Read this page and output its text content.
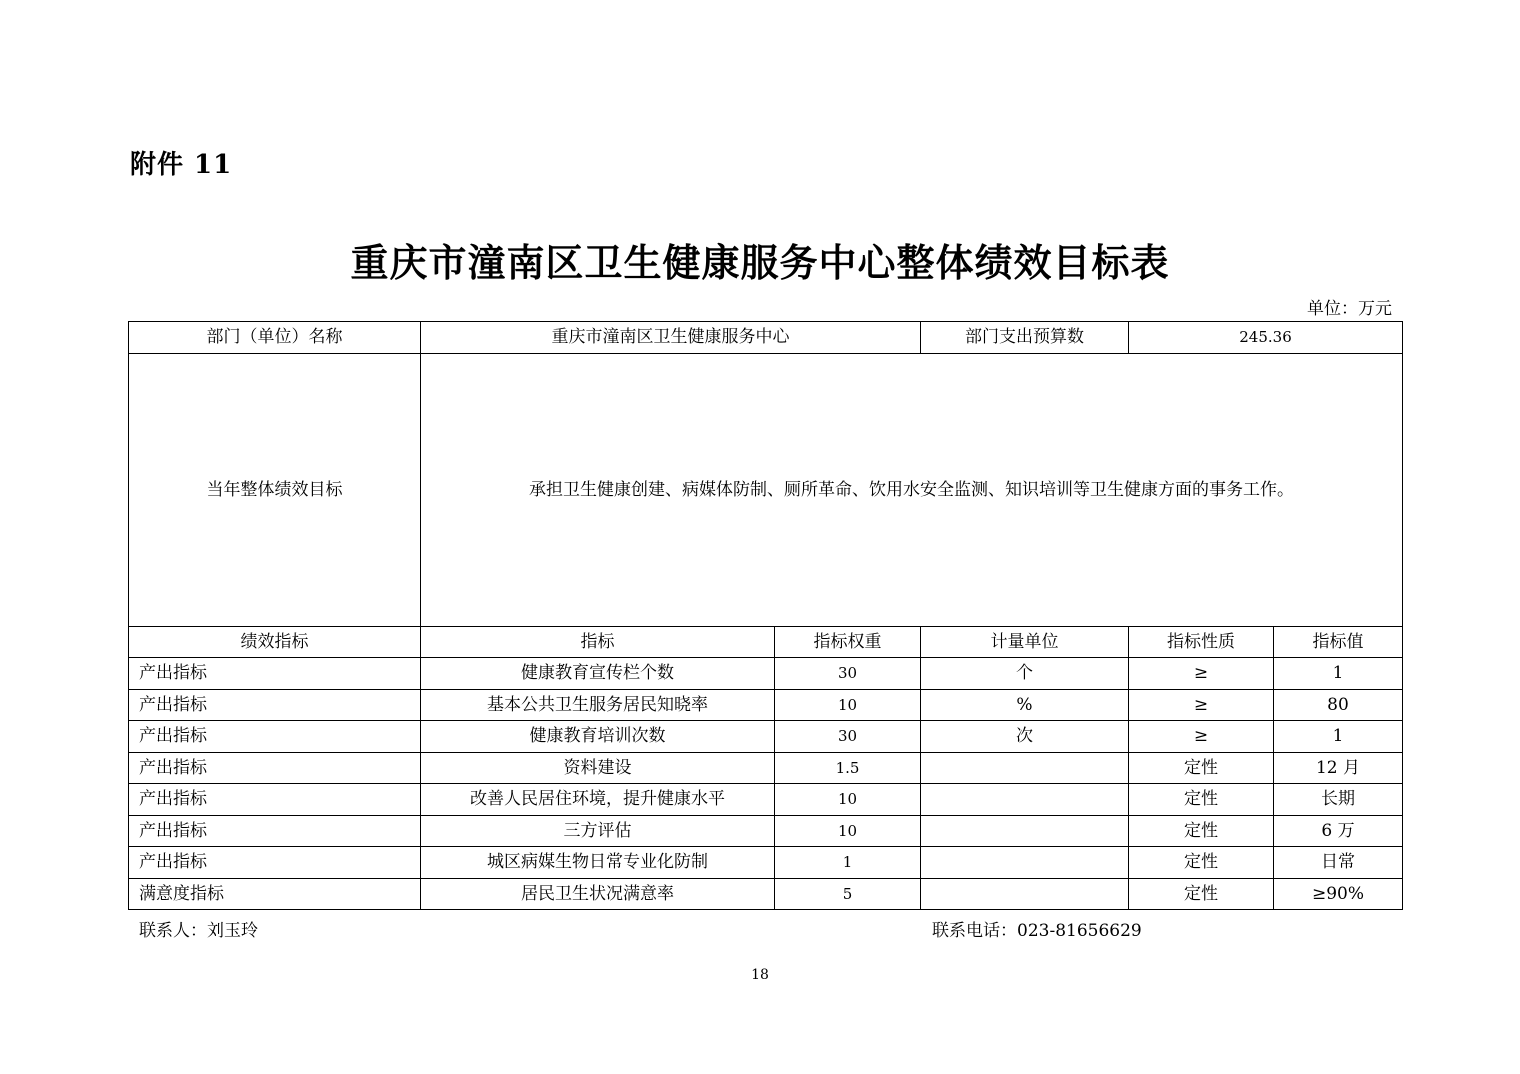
附件 11
重庆市潼南区卫生健康服务中心整体绩效目标表
单位：万元
部门（单位）名称	重庆市潼南区卫生健康服务中心		部门支出预算数	245.36	
当年整体绩效目标	承担卫生健康创建、病媒体防制、厕所革命、饮用水安全监测、知识培训等卫生健康方面的事务工作。				
绩效指标	指标	指标权重	计量单位	指标性质	指标值
产出指标	健康教育宣传栏个数	30	个	≥	1
产出指标	基本公共卫生服务居民知晓率	10	%	≥	80
产出指标	健康教育培训次数	30	次	≥	1
产出指标	资料建设	1.5		定性	12 月
产出指标	改善人民居住环境，提升健康水平	10		定性	长期
产出指标	三方评估	10		定性	6 万
产出指标	城区病媒生物日常专业化防制	1		定性	日常
满意度指标	居民卫生状况满意率	5		定性	≥90%
联系人：刘玉玲	联系电话：023-81656629
18
